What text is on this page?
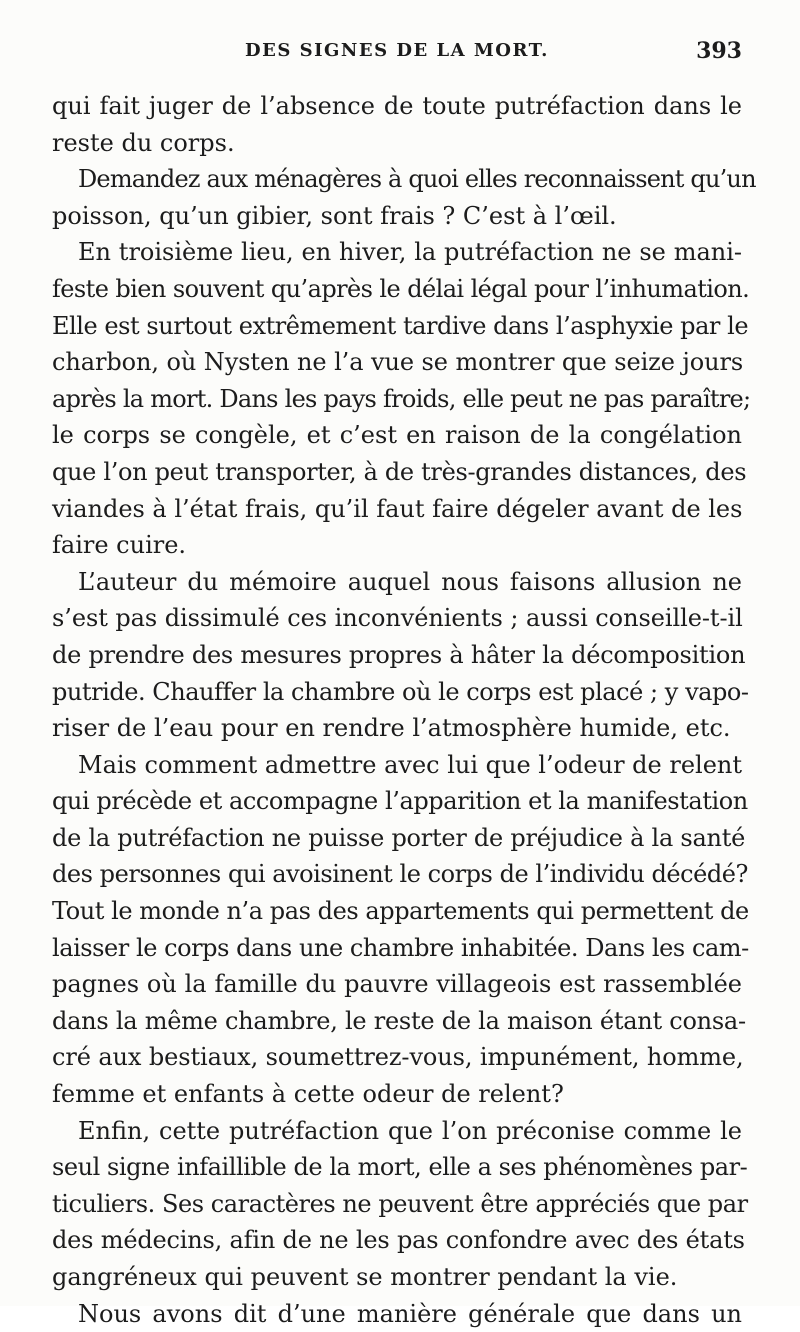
DES SIGNES DE LA MORT.	393
qui fait juger de l’absence de toute putréfaction dans le
reste du corps.
Demandez aux ménagères à quoi elles reconnaissent qu’un
poisson, qu’un gibier, sont frais ? C’est à l’œil.
En troisième lieu, en hiver, la putréfaction ne se mani-
feste bien souvent qu’après le délai légal pour l’inhumation.
Elle est surtout extrêmement tardive dans l’asphyxie par le
charbon, où Nysten ne l’a vue se montrer que seize jours
après la mort. Dans les pays froids, elle peut ne pas paraître;
le corps se congèle, et c’est en raison de la congélation
que l’on peut transporter, à de très-grandes distances, des
viandes à l’état frais, qu’il faut faire dégeler avant de les
faire cuire.
L’auteur du mémoire auquel nous faisons allusion ne
s’est pas dissimulé ces inconvénients ; aussi conseille-t-il
de prendre des mesures propres à hâter la décomposition
putride. Chauffer la chambre où le corps est placé ; y vapo-
riser de l’eau pour en rendre l’atmosphère humide, etc.
Mais comment admettre avec lui que l’odeur de relent
qui précède et accompagne l’apparition et la manifestation
de la putréfaction ne puisse porter de préjudice à la santé
des personnes qui avoisinent le corps de l’individu décédé?
Tout le monde n’a pas des appartements qui permettent de
laisser le corps dans une chambre inhabitée. Dans les cam-
pagnes où la famille du pauvre villageois est rassemblée
dans la même chambre, le reste de la maison étant consa-
cré aux bestiaux, soumettrez-vous, impunément, homme,
femme et enfants à cette odeur de relent?
Enfin, cette putréfaction que l’on préconise comme le
seul signe infaillible de la mort, elle a ses phénomènes par-
ticuliers. Ses caractères ne peuvent être appréciés que par
des médecins, afin de ne les pas confondre avec des états
gangréneux qui peuvent se montrer pendant la vie.
Nous avons dit d’une manière générale que dans un
